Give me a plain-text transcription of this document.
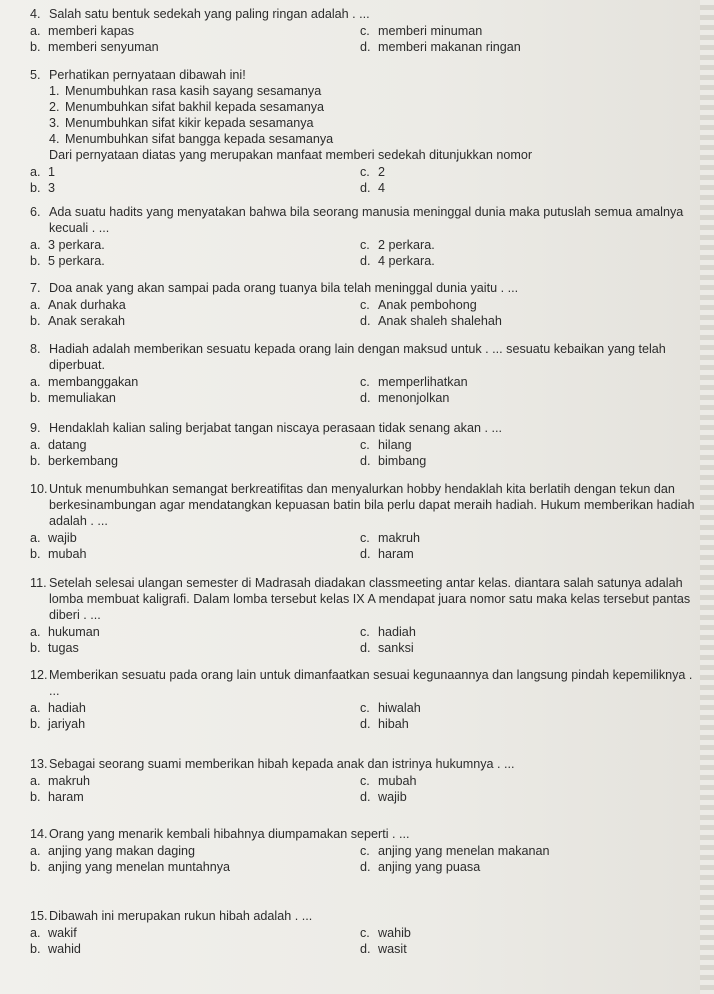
4. Salah satu bentuk sedekah yang paling ringan adalah . ...
a. memberi kapas	c. memberi minuman
b. memberi senyuman	d. memberi makanan ringan
5. Perhatikan pernyataan dibawah ini!
1. Menumbuhkan rasa kasih sayang sesamanya
2. Menumbuhkan sifat bakhil kepada sesamanya
3. Menumbuhkan sifat kikir kepada sesamanya
4. Menumbuhkan sifat bangga kepada sesamanya
Dari pernyataan diatas yang merupakan manfaat memberi sedekah ditunjukkan nomor
a. 1	c. 2
b. 3	d. 4
6. Ada suatu hadits yang menyatakan bahwa bila seorang manusia meninggal dunia maka putuslah semua amalnya kecuali . ...
a. 3 perkara.	c. 2 perkara.
b. 5 perkara.	d. 4 perkara.
7. Doa anak yang akan sampai pada orang tuanya bila telah meninggal dunia yaitu . ...
a. Anak durhaka	c. Anak pembohong
b. Anak serakah	d. Anak shaleh shalehah
8. Hadiah adalah memberikan sesuatu kepada orang lain dengan maksud untuk . ... sesuatu kebaikan yang telah diperbuat.
a. membanggakan	c. memperlihatkan
b. memuliakan	d. menonjolkan
9. Hendaklah kalian saling berjabat tangan niscaya perasaan tidak senang akan . ...
a. datang	c. hilang
b. berkembang	d. bimbang
10.Untuk menumbuhkan semangat berkreatifitas dan menyalurkan hobby hendaklah kita berlatih dengan tekun dan berkesinambungan agar mendatangkan kepuasan batin bila perlu dapat meraih hadiah. Hukum memberikan hadiah adalah . ...
a. wajib	c. makruh
b. mubah	d. haram
11. Setelah selesai ulangan semester di Madrasah diadakan classmeeting antar kelas. diantara salah satunya adalah lomba membuat kaligrafi. Dalam lomba tersebut kelas IX A mendapat juara nomor satu maka kelas tersebut pantas diberi . ...
a. hukuman	c. hadiah
b. tugas	d. sanksi
12.Memberikan sesuatu pada orang lain untuk dimanfaatkan sesuai kegunaannya dan langsung pindah kepemiliknya . ...
a. hadiah	c. hiwalah
b. jariyah	d. hibah
13.Sebagai seorang suami memberikan hibah kepada anak dan istrinya hukumnya . ...
a. makruh	c. mubah
b. haram	d. wajib
14.Orang yang menarik kembali hibahnya diumpamakan seperti . ...
a. anjing yang makan daging	c. anjing yang menelan makanan
b. anjing yang menelan muntahnya	d. anjing yang puasa
15.Dibawah ini merupakan rukun hibah adalah . ...
a. wakif	c. wahib
b. wahid	d. wasit
